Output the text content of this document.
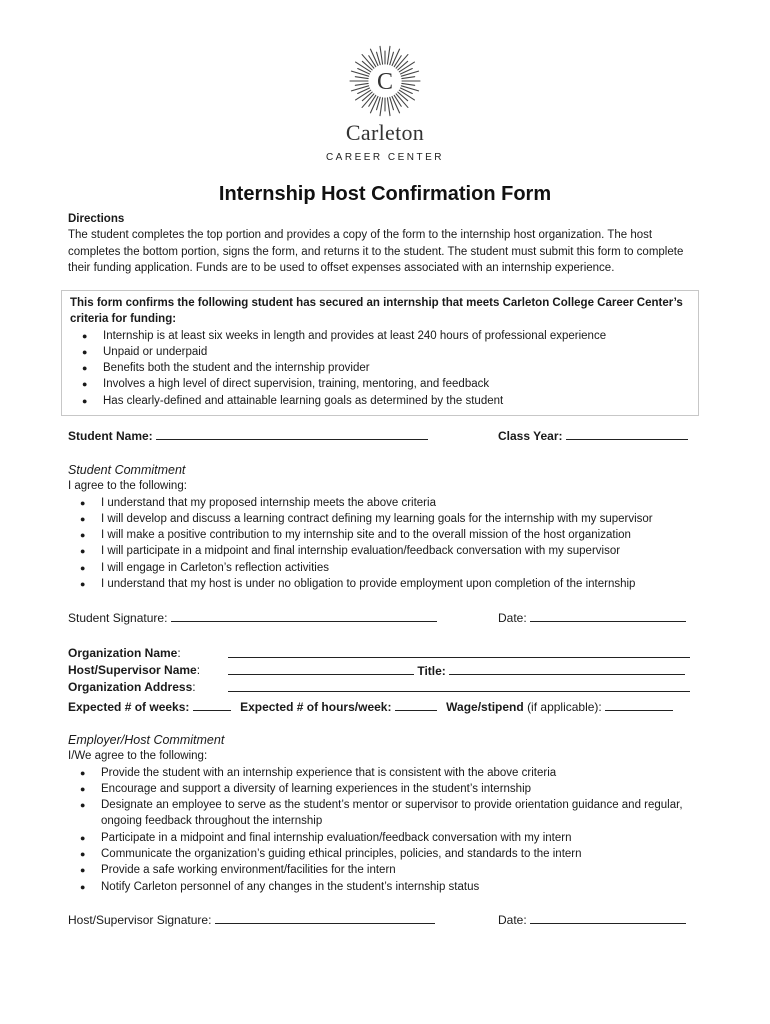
C
Carleton
CAREER CENTER
Internship Host Confirmation Form
Directions
The student completes the top portion and provides a copy of the form to the internship host organization. The host completes the bottom portion, signs the form, and returns it to the student. The student must submit this form to complete their funding application. Funds are to be used to offset expenses associated with an internship experience.
This form confirms the following student has secured an internship that meets Carleton College Career Center’s criteria for funding:
● Internship is at least six weeks in length and provides at least 240 hours of professional experience
● Unpaid or underpaid
● Benefits both the student and the internship provider
● Involves a high level of direct supervision, training, mentoring, and feedback
● Has clearly-defined and attainable learning goals as determined by the student
Student Name:	Class Year:
Student Commitment
I agree to the following:
● I understand that my proposed internship meets the above criteria
● I will develop and discuss a learning contract defining my learning goals for the internship with my supervisor
● I will make a positive contribution to my internship site and to the overall mission of the host organization
● I will participate in a midpoint and final internship evaluation/feedback conversation with my supervisor
● I will engage in Carleton’s reflection activities
● I understand that my host is under no obligation to provide employment upon completion of the internship
Student Signature:	Date:
Organization Name:
Host/Supervisor Name:	Title:
Organization Address:
Expected # of weeks:	Expected # of hours/week:	Wage/stipend (if applicable):
Employer/Host Commitment
I/We agree to the following:
● Provide the student with an internship experience that is consistent with the above criteria
● Encourage and support a diversity of learning experiences in the student’s internship
● Designate an employee to serve as the student’s mentor or supervisor to provide orientation guidance and regular, ongoing feedback throughout the internship
● Participate in a midpoint and final internship evaluation/feedback conversation with my intern
● Communicate the organization’s guiding ethical principles, policies, and standards to the intern
● Provide a safe working environment/facilities for the intern
● Notify Carleton personnel of any changes in the student’s internship status
Host/Supervisor Signature:	Date:
